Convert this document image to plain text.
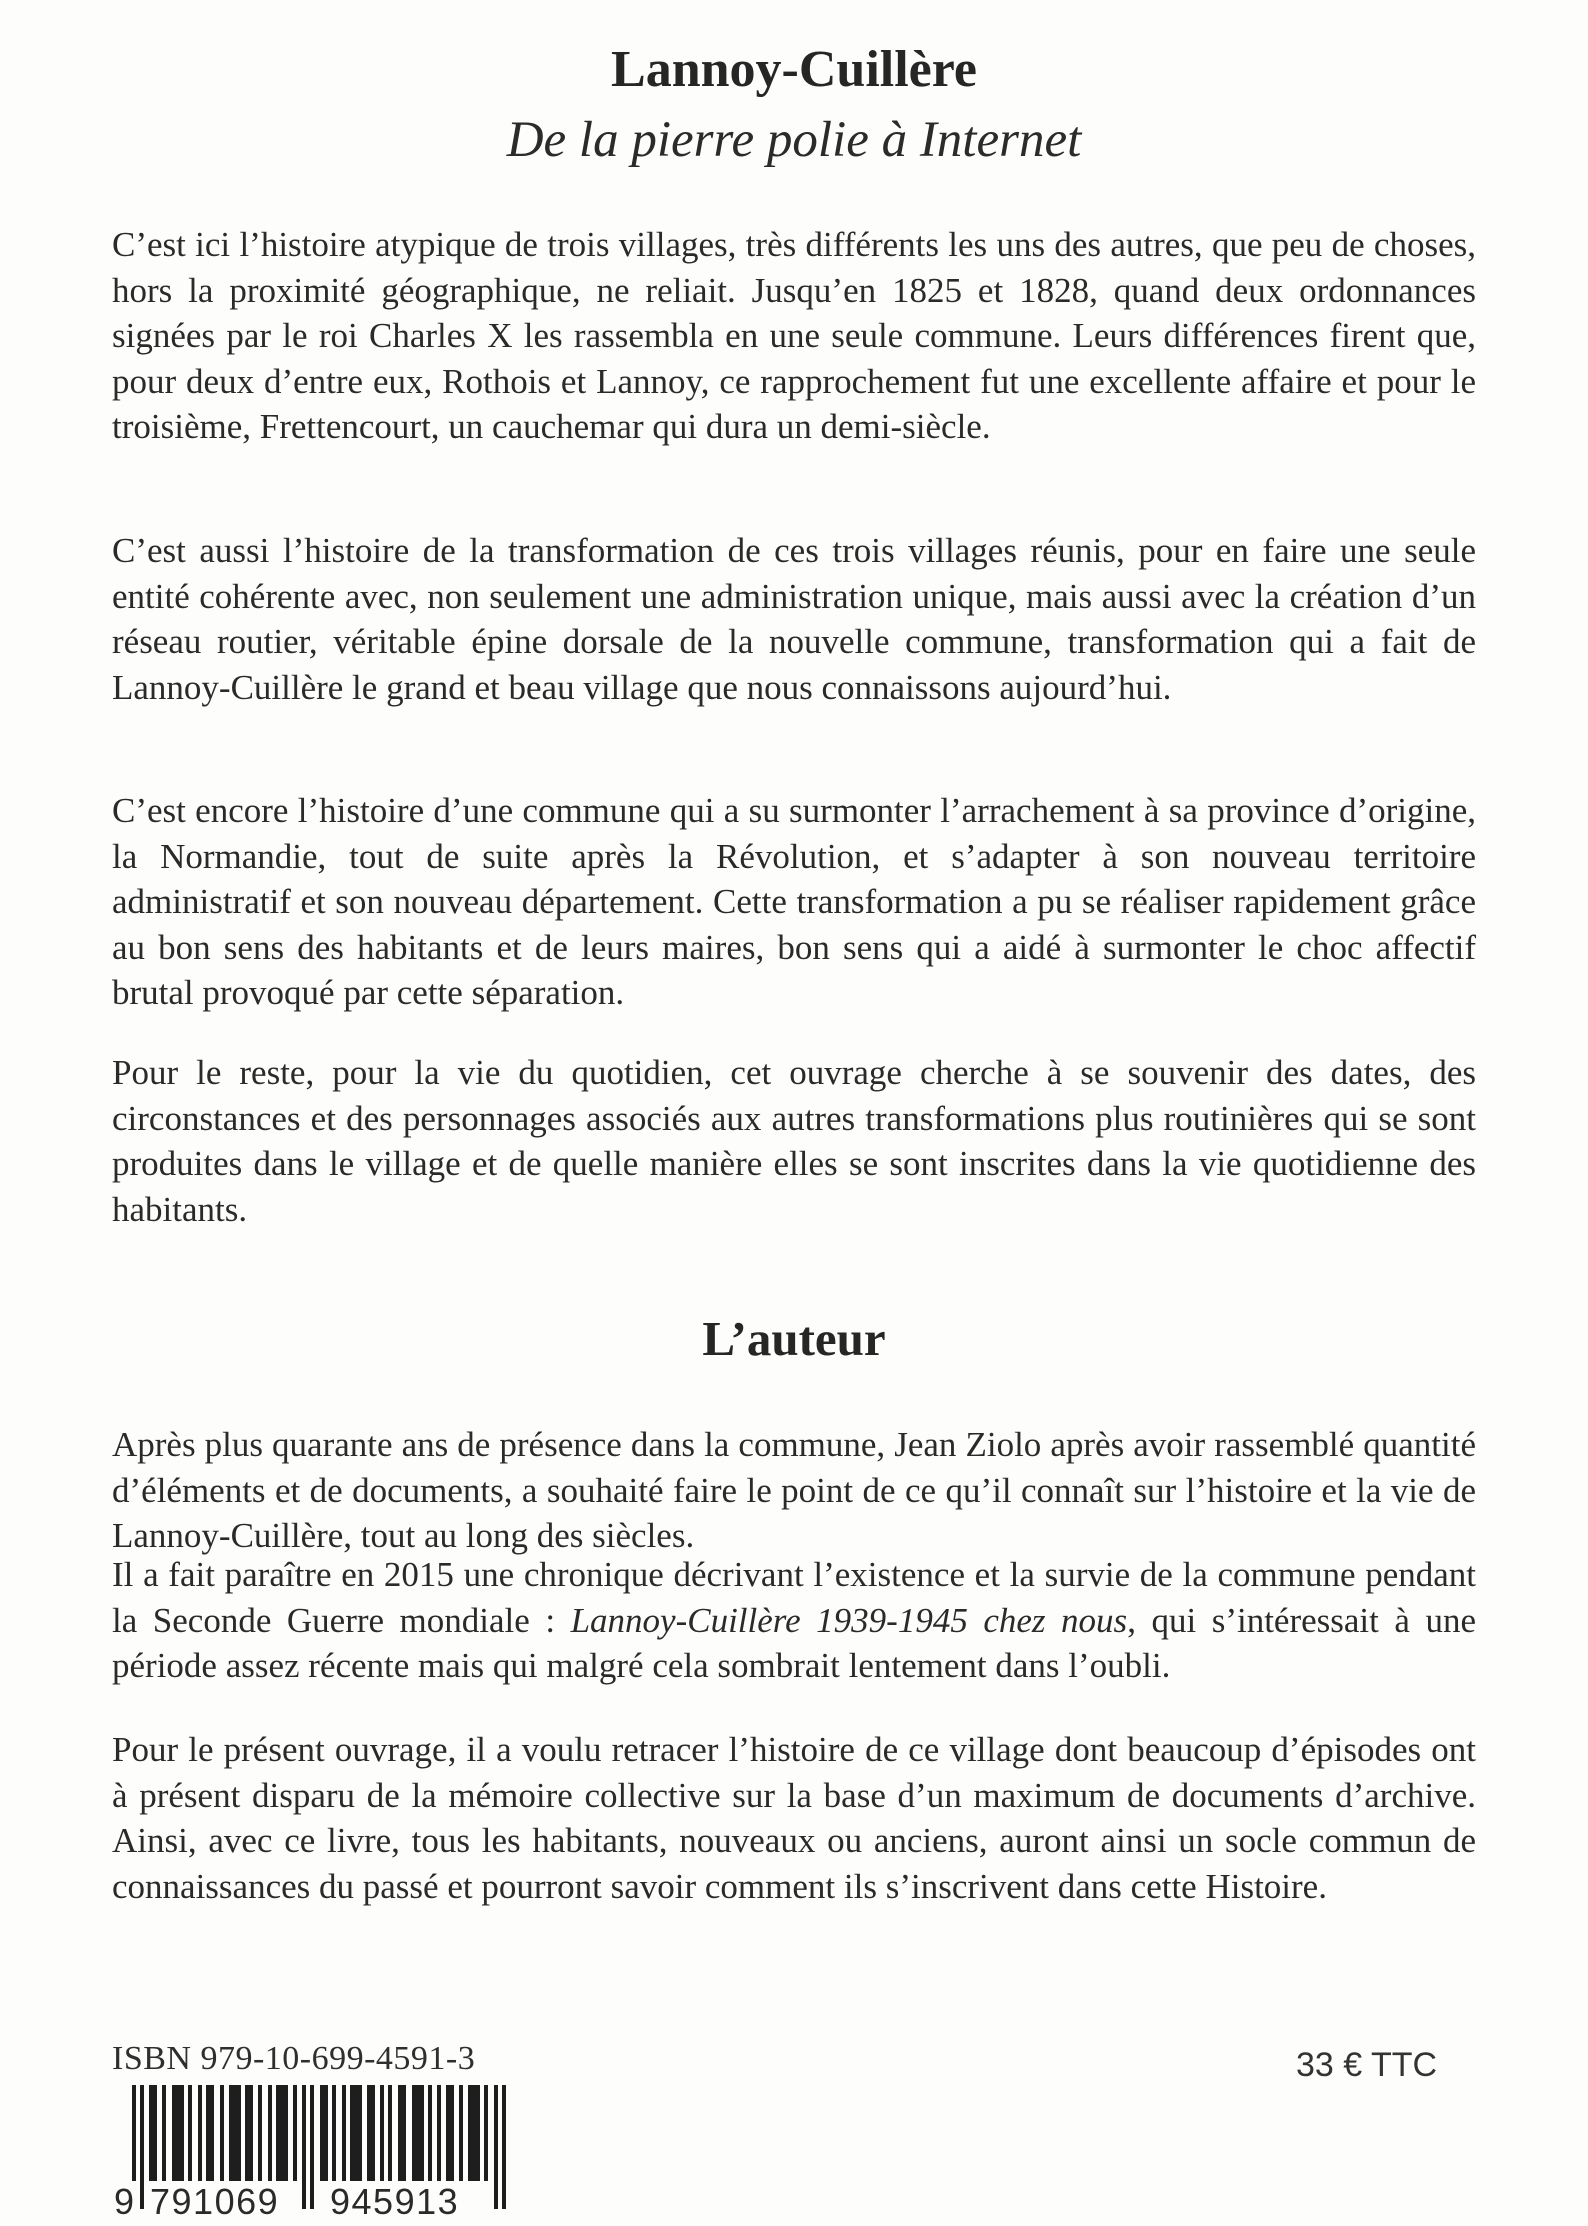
Lannoy-Cuillère
De la pierre polie à Internet

C’est ici l’histoire atypique de trois villages, très différents les uns des autres, que peu de choses, hors la proximité géographique, ne reliait. Jusqu’en 1825 et 1828, quand deux ordonnances signées par le roi Charles X les rassembla en une seule commune. Leurs différences firent que, pour deux d’entre eux, Rothois et Lannoy, ce rapprochement fut une excellente affaire et pour le troisième, Frettencourt, un cauchemar qui dura un demi-siècle.

C’est aussi l’histoire de la transformation de ces trois villages réunis, pour en faire une seule entité cohérente avec, non seulement une administration unique, mais aussi avec la création d’un réseau routier, véritable épine dorsale de la nouvelle commune, transformation qui a fait de Lannoy-Cuillère le grand et beau village que nous connaissons aujourd’hui.

C’est encore l’histoire d’une commune qui a su surmonter l’arrachement à sa province d’origine, la Normandie, tout de suite après la Révolution, et s’adapter à son nouveau territoire administratif et son nouveau département. Cette transformation a pu se réaliser rapidement grâce au bon sens des habitants et de leurs maires, bon sens qui a aidé à surmonter le choc affectif brutal provoqué par cette séparation.

Pour le reste, pour la vie du quotidien, cet ouvrage cherche à se souvenir des dates, des circonstances et des personnages associés aux autres transformations plus routinières qui se sont produites dans le village et de quelle manière elles se sont inscrites dans la vie quotidienne des habitants.

L’auteur

Après plus quarante ans de présence dans la commune, Jean Ziolo après avoir rassemblé quantité d’éléments et de documents, a souhaité faire le point de ce qu’il connaît sur l’histoire et la vie de Lannoy-Cuillère, tout au long des siècles.

Il a fait paraître en 2015 une chronique décrivant l’existence et la survie de la commune pendant la Seconde Guerre mondiale : Lannoy-Cuillère 1939-1945 chez nous, qui s’intéressait à une période assez récente mais qui malgré cela sombrait lentement dans l’oubli.

Pour le présent ouvrage, il a voulu retracer l’histoire de ce village dont beaucoup d’épisodes ont à présent disparu de la mémoire collective sur la base d’un maximum de documents d’archive. Ainsi, avec ce livre, tous les habitants, nouveaux ou anciens, auront ainsi un socle commun de connaissances du passé et pourront savoir comment ils s’inscrivent dans cette Histoire.

ISBN 979-10-699-4591-3	33 € TTC
9 791069 945913
